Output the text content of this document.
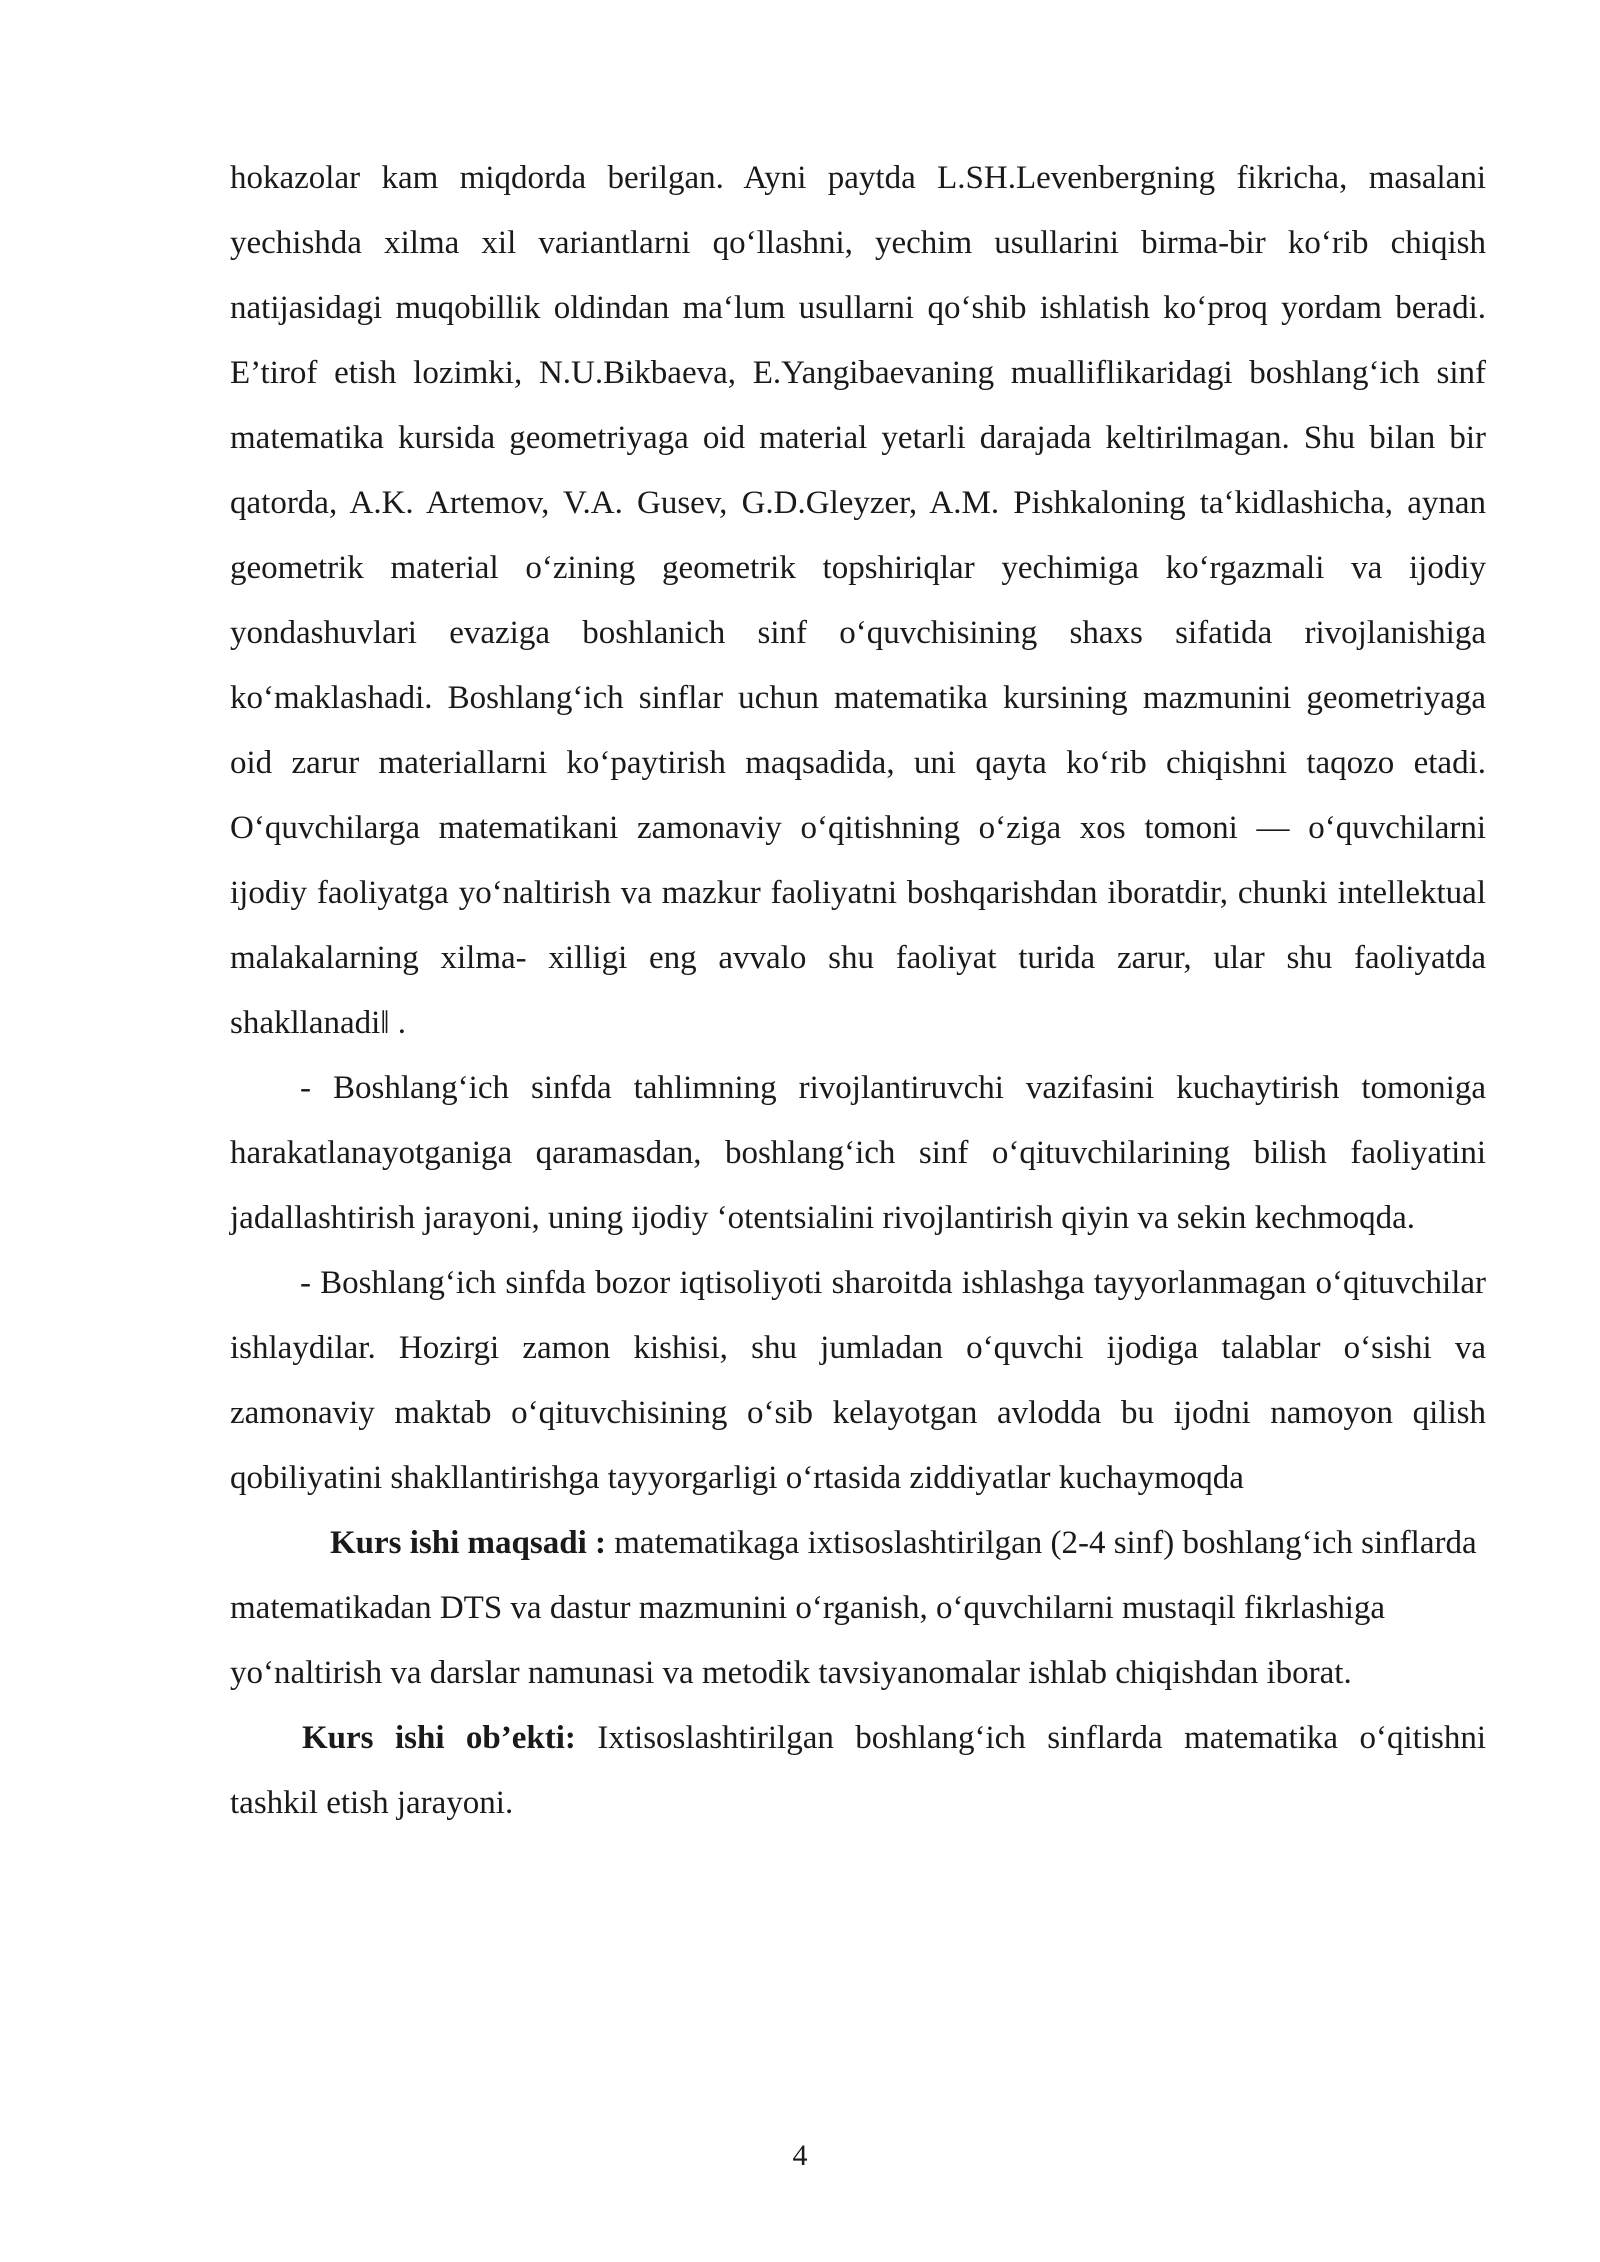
hokazolar kam miqdorda berilgan. Ayni paytda L.SH.Levenbergning fikricha, masalani yechishda xilma xil variantlarni qo‘llashni, yechim usullarini birma-bir ko‘rib chiqish natijasidagi muqobillik oldindan ma‘lum usullarni qo‘shib ishlatish ko‘proq yordam beradi. E’tirof etish lozimki, N.U.Bikbaeva, E.Yangibaevaning mualliflikaridagi boshlang‘ich sinf matematika kursida geometriyaga oid material yetarli darajada keltirilmagan. Shu bilan bir qatorda, A.K. Artemov, V.A. Gusev, G.D.Gleyzer, A.M. Pishkaloning ta‘kidlashicha, aynan geometrik material o‘zining geometrik topshiriqlar yechimiga ko‘rgazmali va ijodiy yondashuvlari evaziga boshlanich sinf o‘quvchisining shaxs sifatida rivojlanishiga ko‘maklashadi. Boshlang‘ich sinflar uchun matematika kursining mazmunini geometriyaga oid zarur materiallarni ko‘paytirish maqsadida, uni qayta ko‘rib chiqishni taqozo etadi. O‘quvchilarga matematikani zamonaviy o‘qitishning o‘ziga xos tomoni — o‘quvchilarni ijodiy faoliyatga yo‘naltirish va mazkur faoliyatni boshqarishdan iboratdir, chunki intellektual malakalarning xilma- xilligi eng avvalo shu faoliyat turida zarur, ular shu faoliyatda shakllanadi‖ .

- Boshlang‘ich sinfda tahlimning rivojlantiruvchi vazifasini kuchaytirish tomoniga harakatlanayotganiga qaramasdan, boshlang‘ich sinf o‘qituvchilarining bilish faoliyatini jadallashtirish jarayoni, uning ijodiy ‘otentsialini rivojlantirish qiyin va sekin kechmoqda.

- Boshlang‘ich sinfda bozor iqtisoliyoti sharoitda ishlashga tayyorlanmagan o‘qituvchilar ishlaydilar. Hozirgi zamon kishisi, shu jumladan o‘quvchi ijodiga talablar o‘sishi va zamonaviy maktab o‘qituvchisining o‘sib kelayotgan avlodda bu ijodni namoyon qilish qobiliyatini shakllantirishga tayyorgarligi o‘rtasida ziddiyatlar kuchaymoqda

Kurs ishi maqsadi : matematikaga ixtisoslashtirilgan (2-4 sinf) boshlang‘ich sinflarda matematikadan DTS va dastur mazmunini o‘rganish, o‘quvchilarni mustaqil fikrlashiga yo‘naltirish va darslar namunasi va metodik tavsiyanomalar ishlab chiqishdan iborat.

Kurs ishi ob’ekti: Ixtisoslashtirilgan boshlang‘ich sinflarda matematika o‘qitishni tashkil etish jarayoni.

4
